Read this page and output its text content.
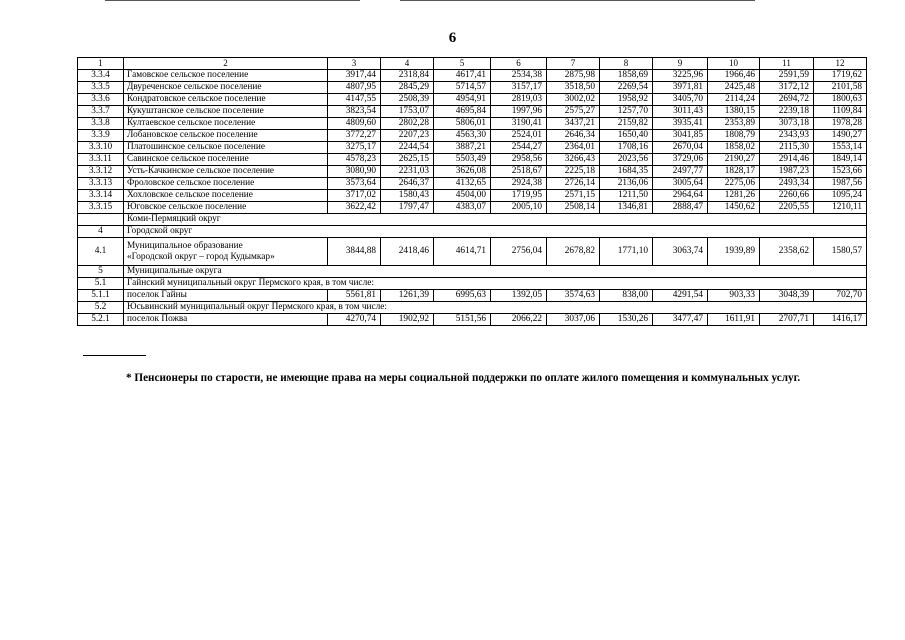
6
1	2	3	4	5	6	7	8	9	10	11	12
3.3.4	Гамовское сельское поселение	3917,44	2318,84	4617,41	2534,38	2875,98	1858,69	3225,96	1966,46	2591,59	1719,62
3.3.5	Двуреченское сельское поселение	4807,95	2845,29	5714,57	3157,17	3518,50	2269,54	3971,81	2425,48	3172,12	2101,58
3.3.6	Кондратовское сельское поселение	4147,55	2508,39	4954,91	2819,03	3002,02	1958,92	3405,70	2114,24	2694,72	1800,63
3.3.7	Кукуштанское сельское поселение	3823,54	1753,07	4695,84	1997,96	2575,27	1257,70	3011,43	1380,15	2239,18	1109,84
3.3.8	Култаевское сельское поселение	4809,60	2802,28	5806,01	3190,41	3437,21	2159,82	3935,41	2353,89	3073,18	1978,28
3.3.9	Лобановское сельское поселение	3772,27	2207,23	4563,30	2524,01	2646,34	1650,40	3041,85	1808,79	2343,93	1490,27
3.3.10	Платошинское сельское поселение	3275,17	2244,54	3887,21	2544,27	2364,01	1708,16	2670,04	1858,02	2115,30	1553,14
3.3.11	Савинское сельское поселение	4578,23	2625,15	5503,49	2958,56	3266,43	2023,56	3729,06	2190,27	2914,46	1849,14
3.3.12	Усть-Качкинское сельское поселение	3080,90	2231,03	3626,08	2518,67	2225,18	1684,35	2497,77	1828,17	1987,23	1523,66
3.3.13	Фроловское сельское поселение	3573,64	2646,37	4132,65	2924,38	2726,14	2136,06	3005,64	2275,06	2493,34	1987,56
3.3.14	Хохловское сельское поселение	3717,02	1580,43	4504,00	1719,95	2571,15	1211,50	2964,64	1281,26	2260,66	1095,24
3.3.15	Юговское сельское поселение	3622,42	1797,47	4383,07	2005,10	2508,14	1346,81	2888,47	1450,62	2205,55	1210,11
	Коми-Пермяцкий округ										
4	Городской округ										
4.1	Муниципальное образование
«Городской округ – город Кудымкар»	3844,88	2418,46	4614,71	2756,04	2678,82	1771,10	3063,74	1939,89	2358,62	1580,57
5	Муниципальные округа										
5.1	Гайнский муниципальный округ Пермского края, в том числе:										
5.1.1	поселок Гайны	5561,81	1261,39	6995,63	1392,05	3574,63	838,00	4291,54	903,33	3048,39	702,70
5.2	Юсьвинский муниципальный округ Пермского края, в том числе:										
5.2.1	поселок Пожва	4270,74	1902,92	5151,56	2066,22	3037,06	1530,26	3477,47	1611,91	2707,71	1416,17
* Пенсионеры по старости, не имеющие права на меры социальной поддержки по оплате жилого помещения и коммунальных услуг.
